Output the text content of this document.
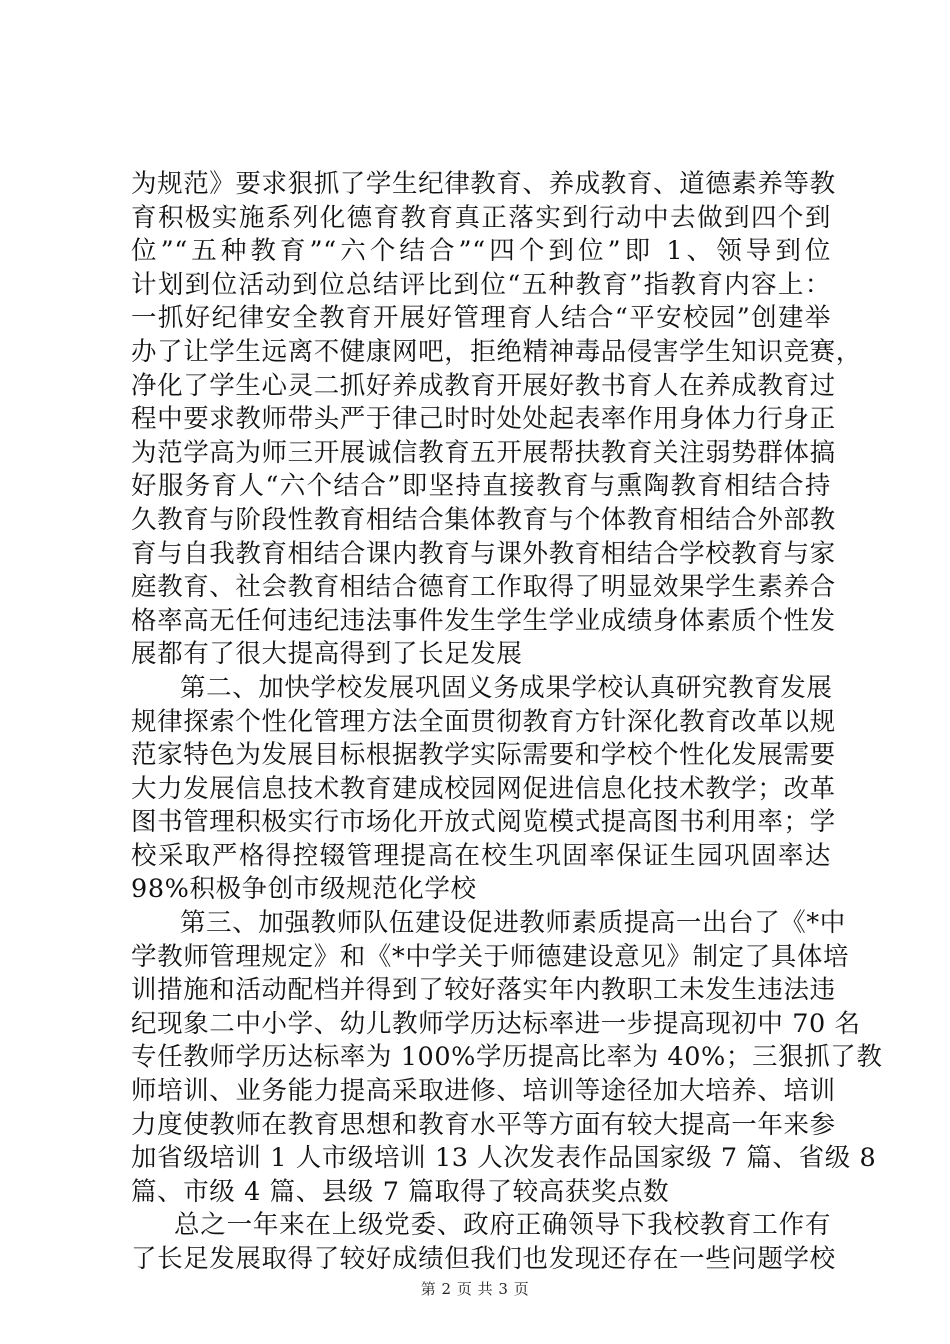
为规范》要求狠抓了学生纪律教育、养成教育、道德素养等教
育积极实施系列化德育教育真正落实到行动中去做到四个到
位”“五种教育”“六个结合”“四个到位”即 1、领导到位
计划到位活动到位总结评比到位“五种教育”指教育内容上：
一抓好纪律安全教育开展好管理育人结合“平安校园”创建举
办了让学生远离不健康网吧，拒绝精神毒品侵害学生知识竞赛，
净化了学生心灵二抓好养成教育开展好教书育人在养成教育过
程中要求教师带头严于律己时时处处起表率作用身体力行身正
为范学高为师三开展诚信教育五开展帮扶教育关注弱势群体搞
好服务育人“六个结合”即坚持直接教育与熏陶教育相结合持
久教育与阶段性教育相结合集体教育与个体教育相结合外部教
育与自我教育相结合课内教育与课外教育相结合学校教育与家
庭教育、社会教育相结合德育工作取得了明显效果学生素养合
格率高无任何违纪违法事件发生学生学业成绩身体素质个性发
展都有了很大提高得到了长足发展
第二、加快学校发展巩固义务成果学校认真研究教育发展
规律探索个性化管理方法全面贯彻教育方针深化教育改革以规
范家特色为发展目标根据教学实际需要和学校个性化发展需要
大力发展信息技术教育建成校园网促进信息化技术教学；改革
图书管理积极实行市场化开放式阅览模式提高图书利用率；学
校采取严格得控辍管理提高在校生巩固率保证生园巩固率达
98%积极争创市级规范化学校
第三、加强教师队伍建设促进教师素质提高一出台了《*中
学教师管理规定》和《*中学关于师德建设意见》制定了具体培
训措施和活动配档并得到了较好落实年内教职工未发生违法违
纪现象二中小学、幼儿教师学历达标率进一步提高现初中 70 名
专任教师学历达标率为 100%学历提高比率为 40%；三狠抓了教
师培训、业务能力提高采取进修、培训等途径加大培养、培训
力度使教师在教育思想和教育水平等方面有较大提高一年来参
加省级培训 1 人市级培训 13 人次发表作品国家级 7 篇、省级 8
篇、市级 4 篇、县级 7 篇取得了较高获奖点数
总之一年来在上级党委、政府正确领导下我校教育工作有
了长足发展取得了较好成绩但我们也发现还存在一些问题学校
第 2 页 共 3 页
